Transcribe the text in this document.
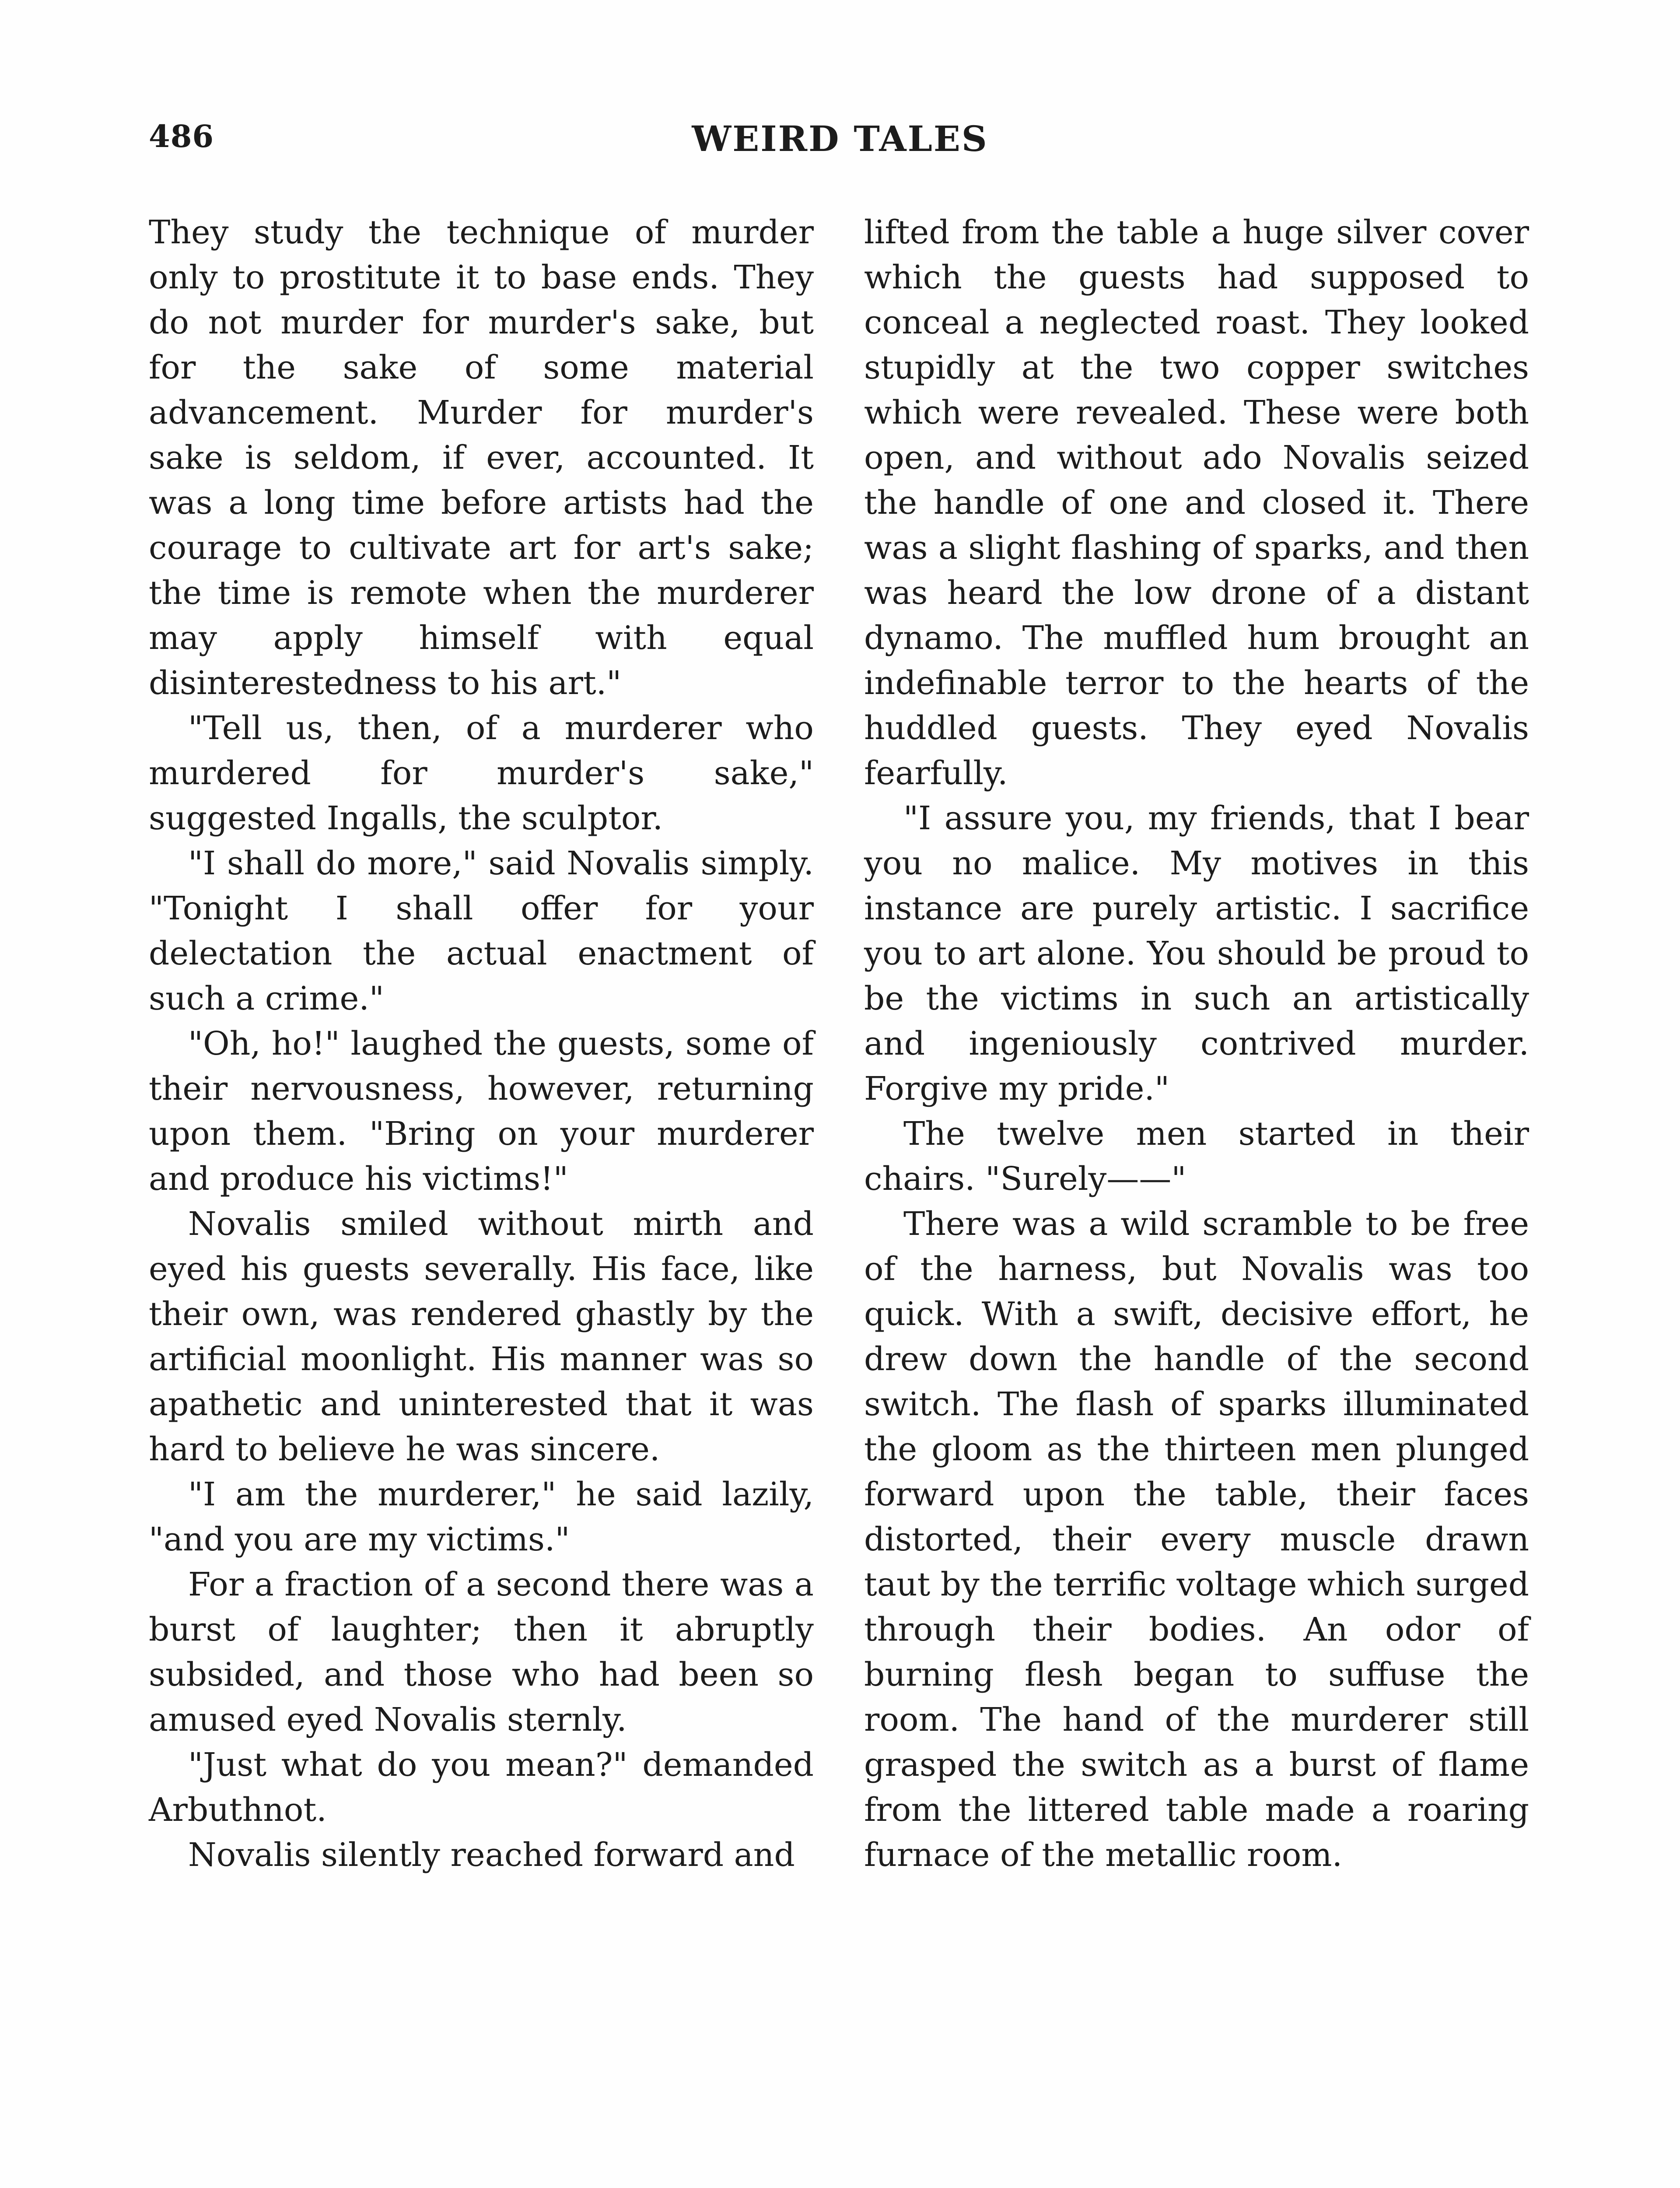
486	WEIRD TALES

They study the technique of murder only to prostitute it to base ends. They do not murder for murder's sake, but for the sake of some material advancement. Murder for murder's sake is seldom, if ever, accounted. It was a long time before artists had the courage to cultivate art for art's sake; the time is remote when the murderer may apply himself with equal disinterestedness to his art."

"Tell us, then, of a murderer who murdered for murder's sake," suggested Ingalls, the sculptor.

"I shall do more," said Novalis simply. "Tonight I shall offer for your delectation the actual enactment of such a crime."

"Oh, ho!" laughed the guests, some of their nervousness, however, returning upon them. "Bring on your murderer and produce his victims!"

Novalis smiled without mirth and eyed his guests severally. His face, like their own, was rendered ghastly by the artificial moonlight. His manner was so apathetic and uninterested that it was hard to believe he was sincere.

"I am the murderer," he said lazily, "and you are my victims."

For a fraction of a second there was a burst of laughter; then it abruptly subsided, and those who had been so amused eyed Novalis sternly.

"Just what do you mean?" demanded Arbuthnot.

Novalis silently reached forward and

lifted from the table a huge silver cover which the guests had supposed to conceal a neglected roast. They looked stupidly at the two copper switches which were revealed. These were both open, and without ado Novalis seized the handle of one and closed it. There was a slight flashing of sparks, and then was heard the low drone of a distant dynamo. The muffled hum brought an indefinable terror to the hearts of the huddled guests. They eyed Novalis fearfully.

"I assure you, my friends, that I bear you no malice. My motives in this instance are purely artistic. I sacrifice you to art alone. You should be proud to be the victims in such an artistically and ingeniously contrived murder. Forgive my pride."

The twelve men started in their chairs. "Surely——"

There was a wild scramble to be free of the harness, but Novalis was too quick. With a swift, decisive effort, he drew down the handle of the second switch. The flash of sparks illuminated the gloom as the thirteen men plunged forward upon the table, their faces distorted, their every muscle drawn taut by the terrific voltage which surged through their bodies. An odor of burning flesh began to suffuse the room. The hand of the murderer still grasped the switch as a burst of flame from the littered table made a roaring furnace of the metallic room.
